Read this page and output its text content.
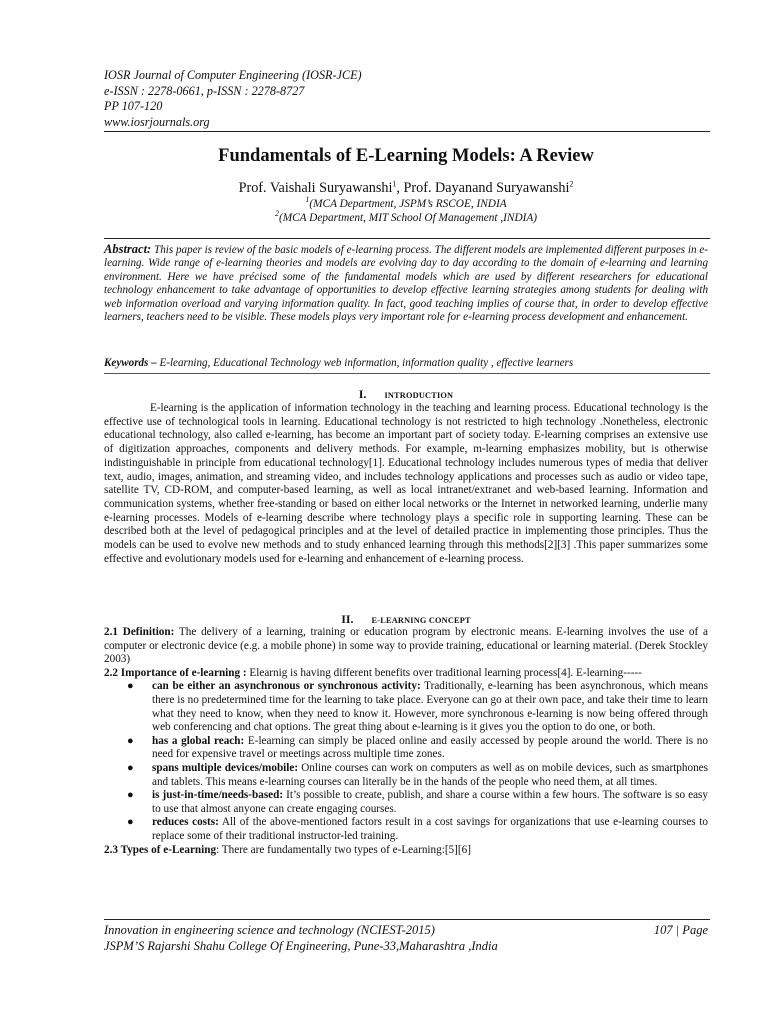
IOSR Journal of Computer Engineering (IOSR-JCE)
e-ISSN : 2278-0661, p-ISSN : 2278-8727
PP 107-120
www.iosrjournals.org
Fundamentals of E-Learning Models: A Review
Prof. Vaishali Suryawanshi$^1$, Prof. Dayanand Suryawanshi$^2$
$^1$(MCA Department, JSPM’s RSCOE, INDIA
$^2$(MCA Department, MIT School Of Management ,INDIA)
Abstract: This paper is review of the basic models of e-learning process. The different models are implemented different purposes in e-learning. Wide range of e-learning theories and models are evolving day to day according to the domain of e-learning and learning environment. Here we have précised some of the fundamental models which are used by different researchers for educational technology enhancement to take advantage of opportunities to develop effective learning strategies among students for dealing with web information overload and varying information quality. In fact, good teaching implies of course that, in order to develop effective learners, teachers need to be visible. These models plays very important role for e-learning process development and enhancement.
Keywords – E-learning, Educational Technology web information, information quality , effective learners
I. INTRODUCTION

E-learning is the application of information technology in the teaching and learning process. Educational technology is the effective use of technological tools in learning. Educational technology is not restricted to high technology .Nonetheless, electronic educational technology, also called e-learning, has become an important part of society today. E-learning comprises an extensive use of digitization approaches, components and delivery methods. For example, m-learning emphasizes mobility, but is otherwise indistinguishable in principle from educational technology[1]. Educational technology includes numerous types of media that deliver text, audio, images, animation, and streaming video, and includes technology applications and processes such as audio or video tape, satellite TV, CD-ROM, and computer-based learning, as well as local intranet/extranet and web-based learning. Information and communication systems, whether free-standing or based on either local networks or the Internet in networked learning, underlie many e-learning processes. Models of e-learning describe where technology plays a specific role in supporting learning. These can be described both at the level of pedagogical principles and at the level of detailed practice in implementing those principles. Thus the models can be used to evolve new methods and to study enhanced learning through this methods[2][3] .This paper summarizes some effective and evolutionary models used for e-learning and enhancement of e-learning process.

II. E-LEARNING CONCEPT

2.1 Definition: The delivery of a learning, training or education program by electronic means. E-learning involves the use of a computer or electronic device (e.g. a mobile phone) in some way to provide training, educational or learning material. (Derek Stockley 2003)

2.2 Importance of e-learning : Elearnig is having different benefits over traditional learning process[4]. E-learning-----

● can be either an asynchronous or synchronous activity: Traditionally, e-learning has been asynchronous, which means there is no predetermined time for the learning to take place. Everyone can go at their own pace, and take their time to learn what they need to know, when they need to know it. However, more synchronous e-learning is now being offered through web conferencing and chat options. The great thing about e-learning is it gives you the option to do one, or both.
● has a global reach: E-learning can simply be placed online and easily accessed by people around the world. There is no need for expensive travel or meetings across multiple time zones.
● spans multiple devices/mobile: Online courses can work on computers as well as on mobile devices, such as smartphones and tablets. This means e-learning courses can literally be in the hands of the people who need them, at all times.
● is just-in-time/needs-based: It’s possible to create, publish, and share a course within a few hours. The software is so easy to use that almost anyone can create engaging courses.
● reduces costs: All of the above-mentioned factors result in a cost savings for organizations that use e-learning courses to replace some of their traditional instructor-led training.

2.3 Types of e-Learning: There are fundamentally two types of e-Learning:[5][6]

Innovation in engineering science and technology (NCIEST-2015)	107 | Page
JSPM’S Rajarshi Shahu College Of Engineering, Pune-33,Maharashtra ,India
